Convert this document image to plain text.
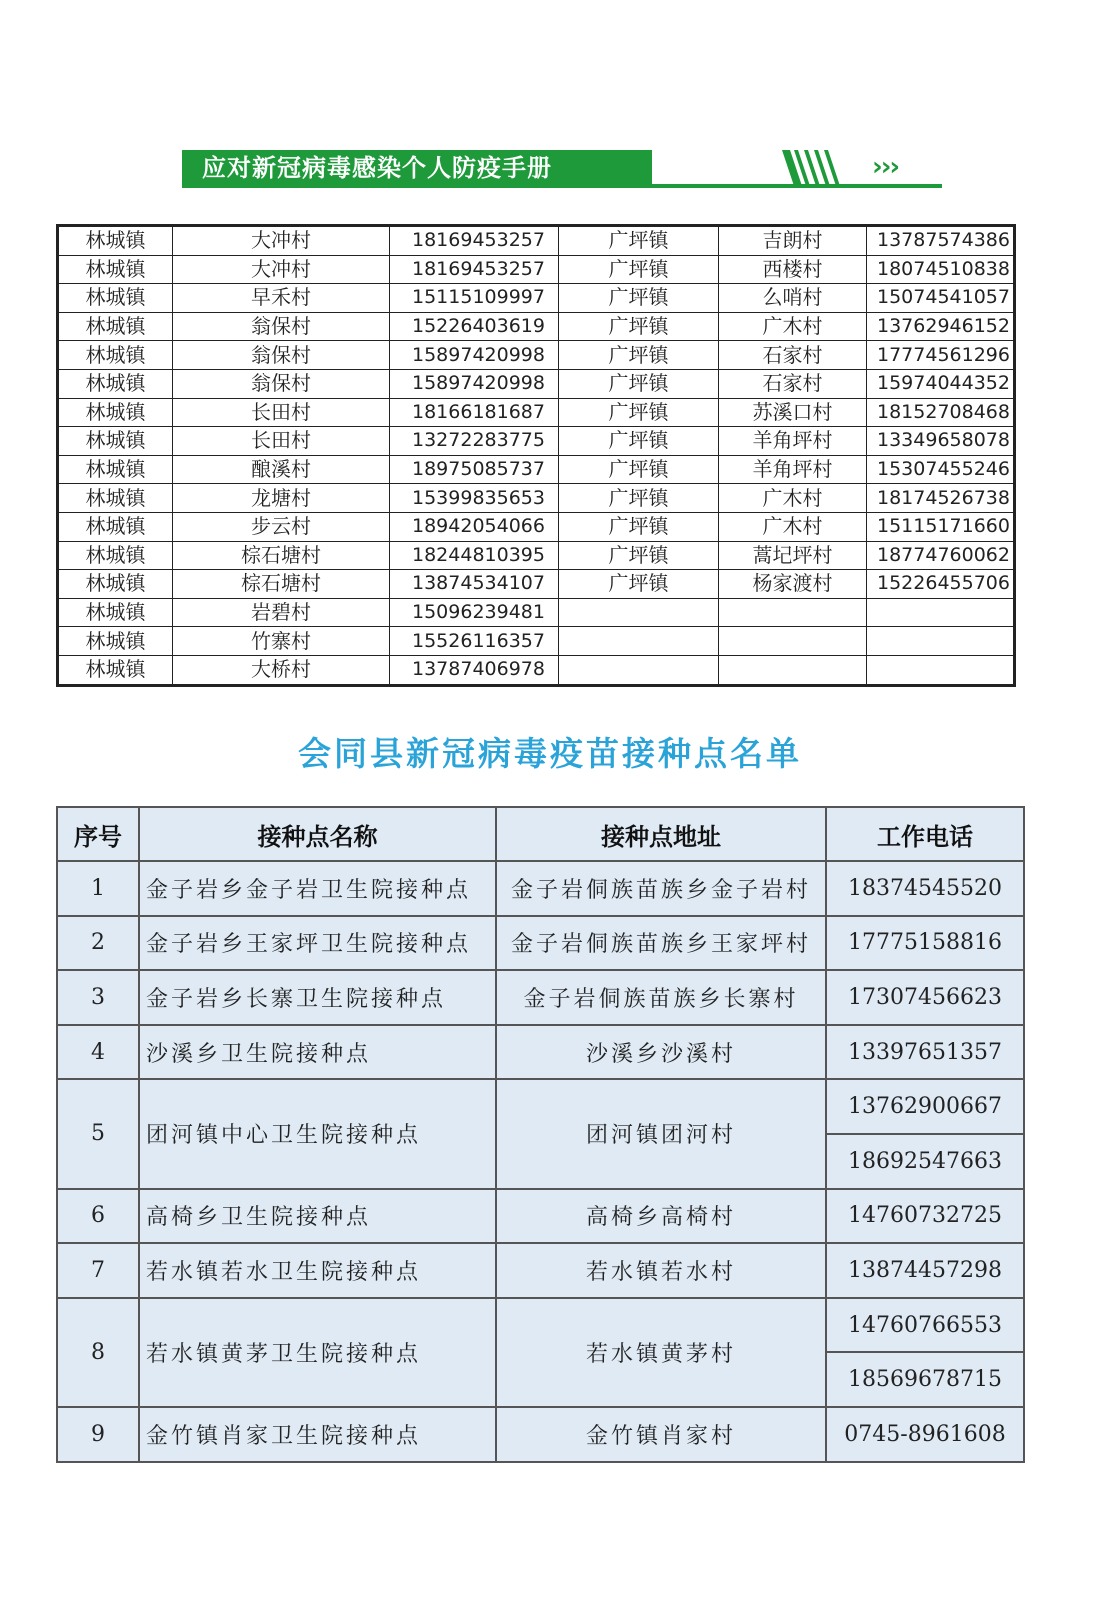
应对新冠病毒感染个人防疫手册	›››
林城镇	大冲村	18169453257	广坪镇	吉朗村	13787574386
林城镇	大冲村	18169453257	广坪镇	西楼村	18074510838
林城镇	早禾村	15115109997	广坪镇	么哨村	15074541057
林城镇	翁保村	15226403619	广坪镇	广木村	13762946152
林城镇	翁保村	15897420998	广坪镇	石家村	17774561296
林城镇	翁保村	15897420998	广坪镇	石家村	15974044352
林城镇	长田村	18166181687	广坪镇	苏溪口村	18152708468
林城镇	长田村	13272283775	广坪镇	羊角坪村	13349658078
林城镇	酿溪村	18975085737	广坪镇	羊角坪村	15307455246
林城镇	龙塘村	15399835653	广坪镇	广木村	18174526738
林城镇	步云村	18942054066	广坪镇	广木村	15115171660
林城镇	棕石塘村	18244810395	广坪镇	蒿圮坪村	18774760062
林城镇	棕石塘村	13874534107	广坪镇	杨家渡村	15226455706
林城镇	岩碧村	15096239481			
林城镇	竹寨村	15526116357			
林城镇	大桥村	13787406978			
会同县新冠病毒疫苗接种点名单
序号	接种点名称	接种点地址	工作电话
1	金子岩乡金子岩卫生院接种点	金子岩侗族苗族乡金子岩村	18374545520
2	金子岩乡王家坪卫生院接种点	金子岩侗族苗族乡王家坪村	17775158816
3	金子岩乡长寨卫生院接种点	金子岩侗族苗族乡长寨村	17307456623
4	沙溪乡卫生院接种点	沙溪乡沙溪村	13397651357
5	团河镇中心卫生院接种点	团河镇团河村	13762900667
			18692547663
6	高椅乡卫生院接种点	高椅乡高椅村	14760732725
7	若水镇若水卫生院接种点	若水镇若水村	13874457298
8	若水镇黄茅卫生院接种点	若水镇黄茅村	14760766553
			18569678715
9	金竹镇肖家卫生院接种点	金竹镇肖家村	0745-8961608
